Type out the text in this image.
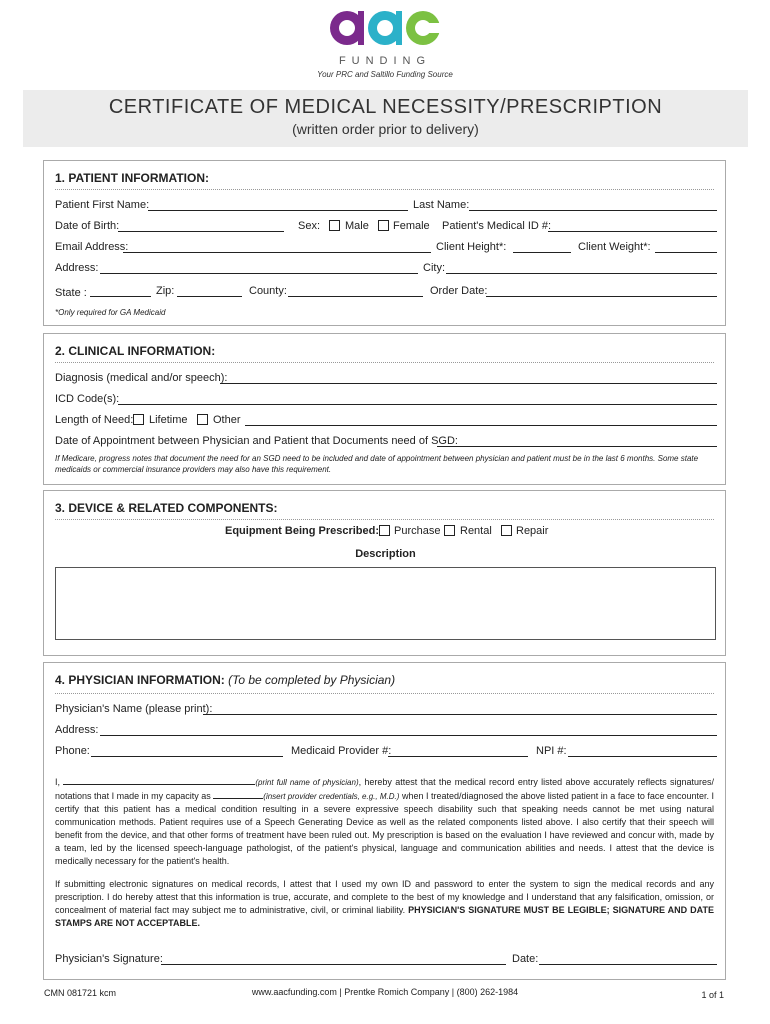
FUNDING
Your PRC and Saltillo Funding Source
CERTIFICATE OF MEDICAL NECESSITY/PRESCRIPTION
(written order prior to delivery)
1. PATIENT INFORMATION:
Patient First Name:	Last Name:
Date of Birth:	Sex: Male Female Patient's Medical ID #:
Email Address:	Client Height*:	Client Weight*:
Address:	City:
State :	Zip:	County:	Order Date:
*Only required for GA Medicaid
2. CLINICAL INFORMATION:
Diagnosis (medical and/or speech):
ICD Code(s):
Length of Need: Lifetime Other
Date of Appointment between Physician and Patient that Documents need of SGD:
If Medicare, progress notes that document the need for an SGD need to be included and date of appointment between physician and patient must be in the last 6 months. Some state medicaids or commercial insurance providers may also have this requirement.
3. DEVICE & RELATED COMPONENTS:
Equipment Being Prescribed: Purchase Rental Repair
Description
4. PHYSICIAN INFORMATION: (To be completed by Physician)
Physician's Name (please print):
Address:
Phone:	Medicaid Provider #:	NPI #:
I,	(print full name of physician), hereby attest that the medical record entry listed above accurately reflects signatures/ notations that I made in my capacity as	(insert provider credentials, e.g., M.D.) when I treated/diagnosed the above listed patient in a face to face encounter. I certify that this patient has a medical condition resulting in a severe expressive speech disability such that speaking needs cannot be met using natural communication methods. Patient requires use of a Speech Generating Device as well as the related components listed above. I also certify that their speech will benefit from the device, and that other forms of treatment have been ruled out. My prescription is based on the evaluation I have reviewed and concur with, made by a team, led by the licensed speech-language pathologist, of the patient's physical, language and communication abilities and needs. I attest that the device is medically necessary for the patient's health.
If submitting electronic signatures on medical records, I attest that I used my own ID and password to enter the system to sign the medical records and any prescription. I do hereby attest that this information is true, accurate, and complete to the best of my knowledge and I understand that any falsification, omission, or concealment of material fact may subject me to administrative, civil, or criminal liability. PHYSICIAN'S SIGNATURE MUST BE LEGIBLE; SIGNATURE AND DATE STAMPS ARE NOT ACCEPTABLE.
Physician's Signature:	Date:
CMN 081721 kcm	www.aacfunding.com | Prentke Romich Company | (800) 262-1984	1 of 1
